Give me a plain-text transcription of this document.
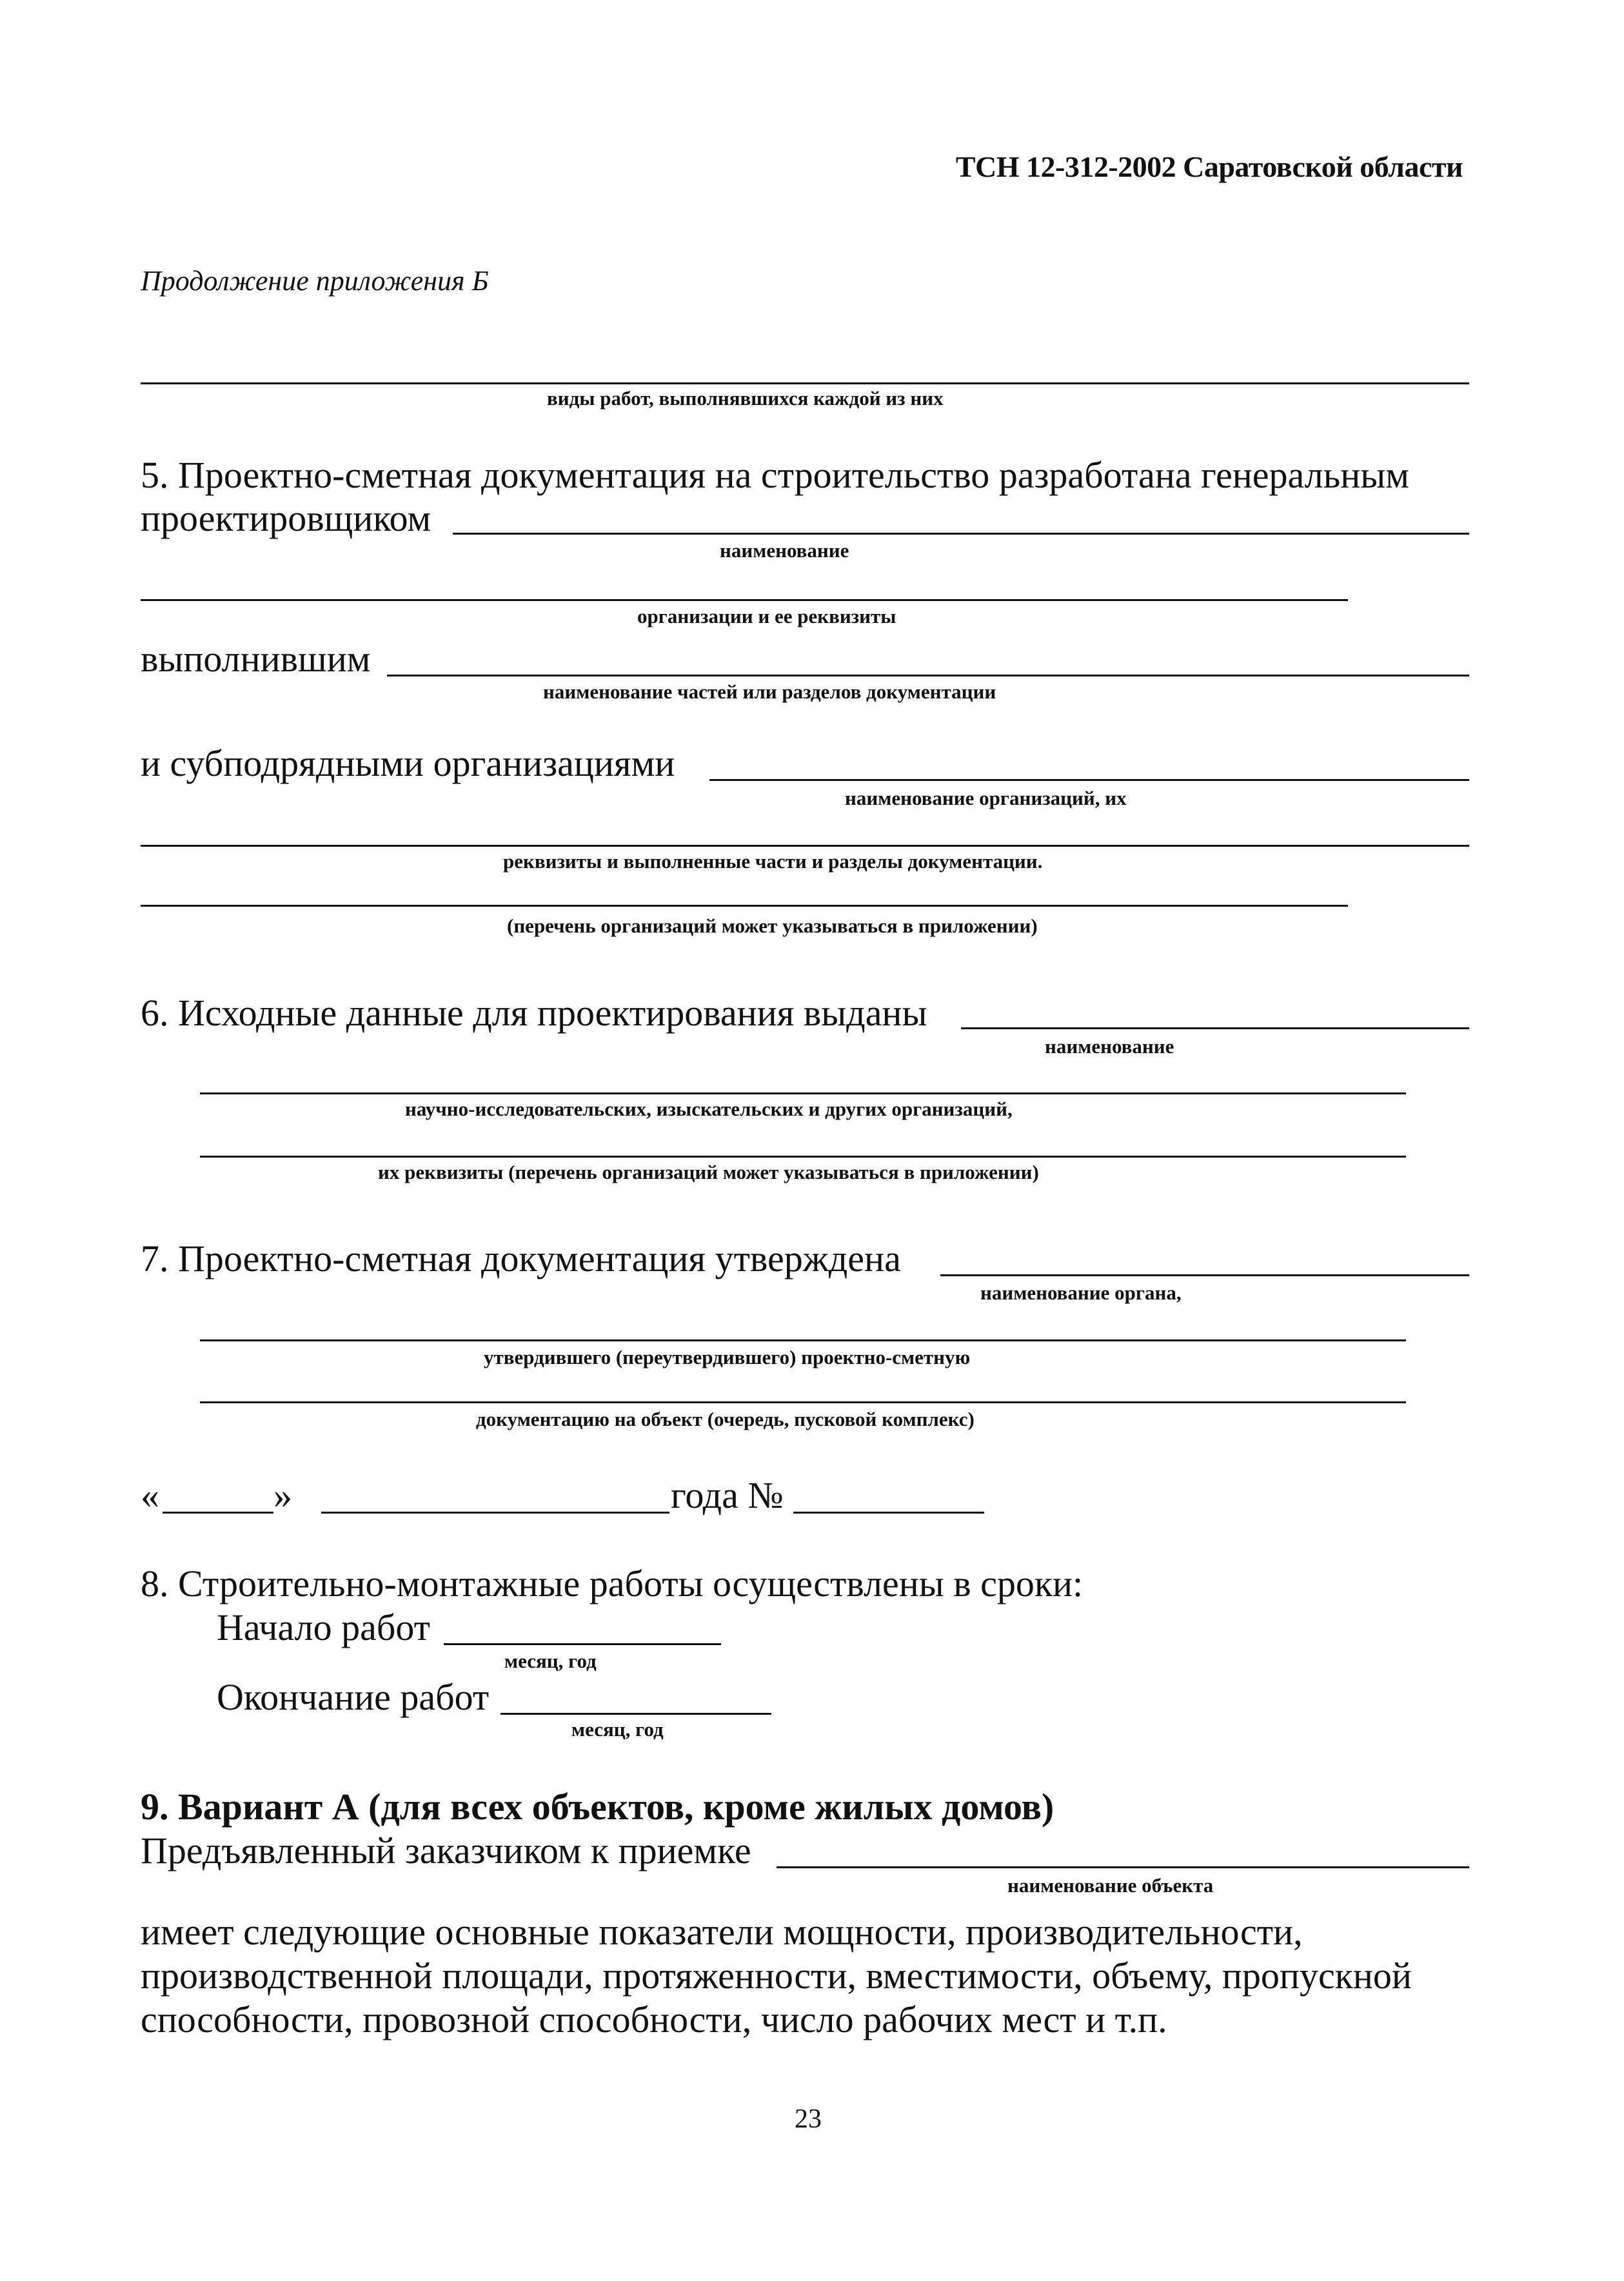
ТСН 12-312-2002 Саратовской области
Продолжение приложения Б
виды работ, выполнявшихся каждой из них
5. Проектно-сметная документация на строительство разработана генеральным
проектировщиком
наименование
организации и ее реквизиты
выполнившим
наименование частей или разделов документации
и субподрядными организациями
наименование организаций, их
реквизиты и выполненные части и разделы документации.
(перечень организаций может указываться в приложении)
6. Исходные данные для проектирования выданы
наименование
научно-исследовательских, изыскательских и других организаций,
их реквизиты (перечень организаций может указываться в приложении)
7. Проектно-сметная документация утверждена
наименование органа,
утвердившего (переутвердившего) проектно-сметную
документацию на объект (очередь, пусковой комплекс)
«	»	года №
8. Строительно-монтажные работы осуществлены в сроки:
Начало работ
месяц, год
Окончание работ
месяц, год
9. Вариант А (для всех объектов, кроме жилых домов)
Предъявленный заказчиком к приемке
наименование объекта
имеет следующие основные показатели мощности, производительности,
производственной площади, протяженности, вместимости, объему, пропускной
способности, провозной способности, число рабочих мест и т.п.
23
